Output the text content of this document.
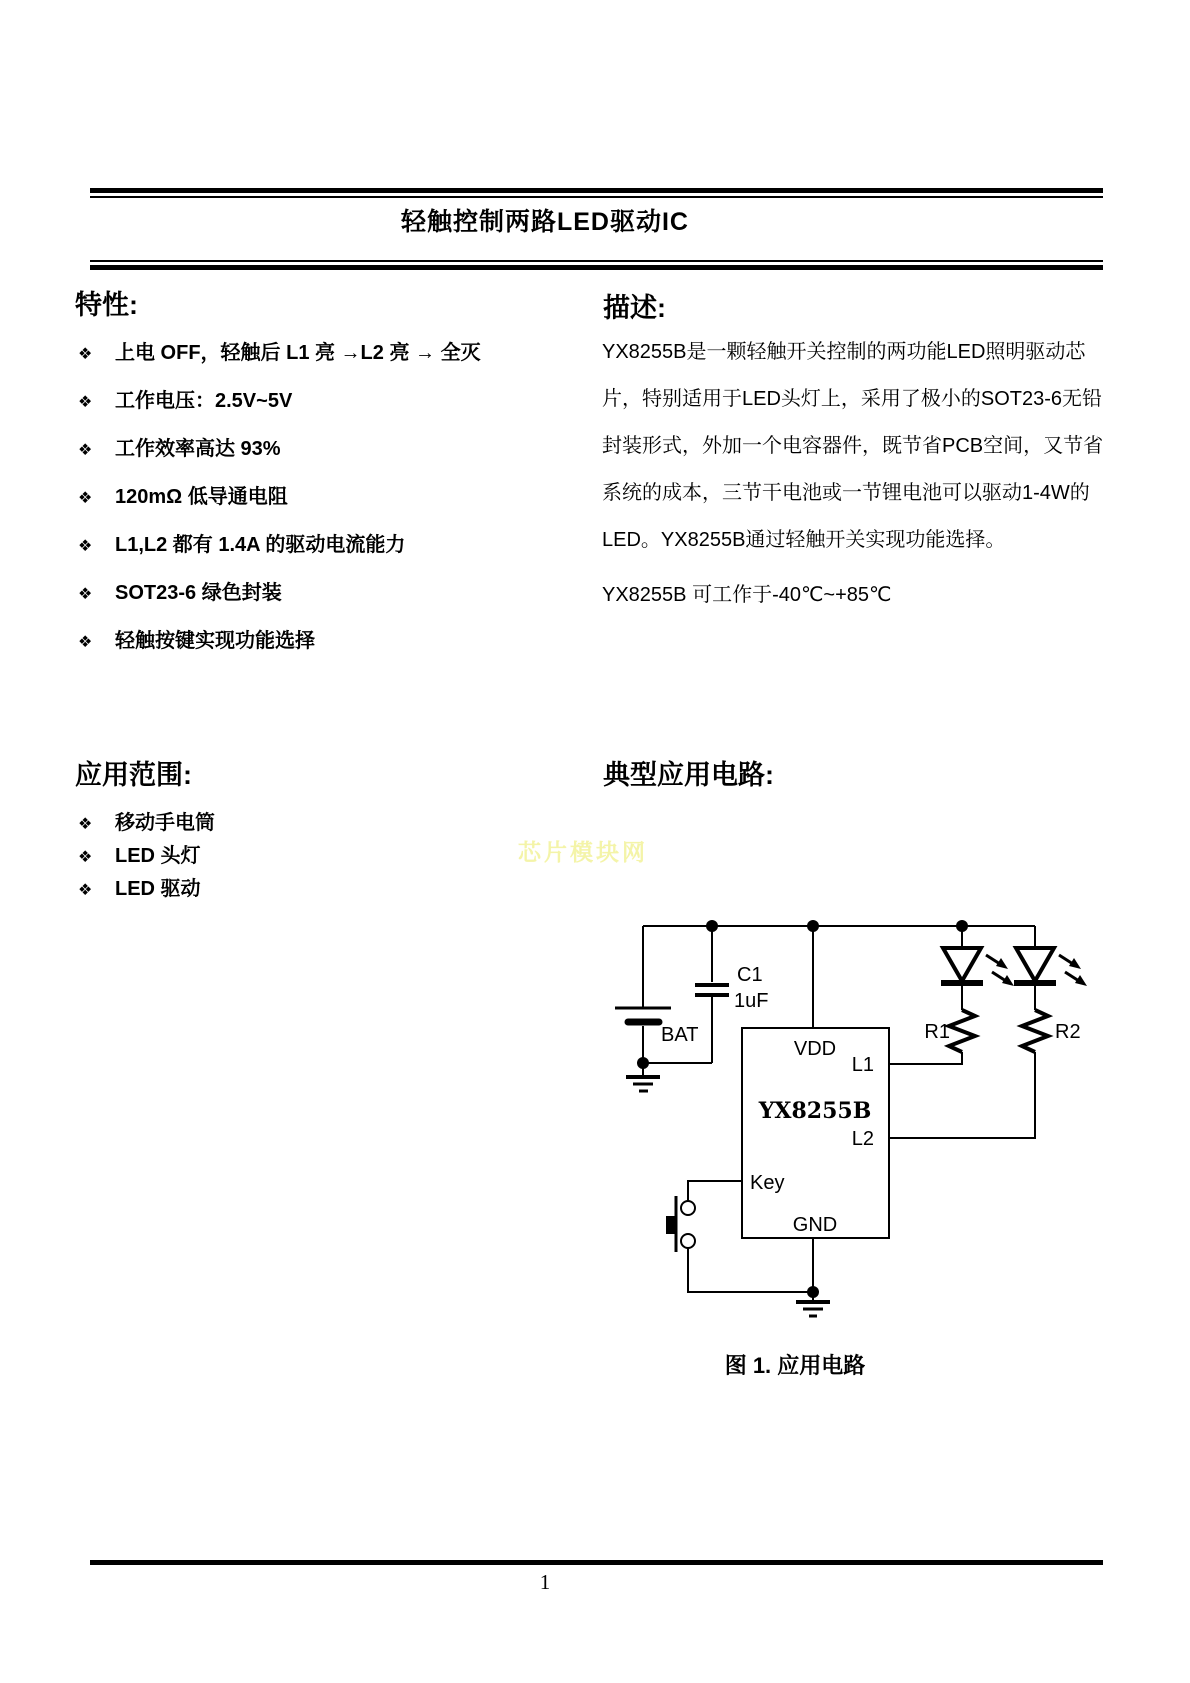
轻触控制两路LED驱动IC
特性:
❖ 上电 OFF，轻触后 L1 亮 →L2 亮 → 全灭
❖ 工作电压：2.5V~5V
❖ 工作效率高达 93%
❖ 120mΩ 低导通电阻
❖ L1,L2 都有 1.4A 的驱动电流能力
❖ SOT23-6 绿色封装
❖ 轻触按键实现功能选择
描述:
YX8255B是一颗轻触开关控制的两功能LED照明驱动芯
片，特别适用于LED头灯上，采用了极小的SOT23-6无铅
封装形式，外加一个电容器件，既节省PCB空间，又节省
系统的成本，三节干电池或一节锂电池可以驱动1-4W的
LED。YX8255B通过轻触开关实现功能选择。
YX8255B 可工作于-40℃~+85℃
应用范围:
❖ 移动手电筒
❖ LED 头灯
❖ LED 驱动
典型应用电路:
芯片模块网
BAT
C1
1uF
VDD
L1
YX8255B
L2
Key
GND
R1	R2
图 1. 应用电路
1
